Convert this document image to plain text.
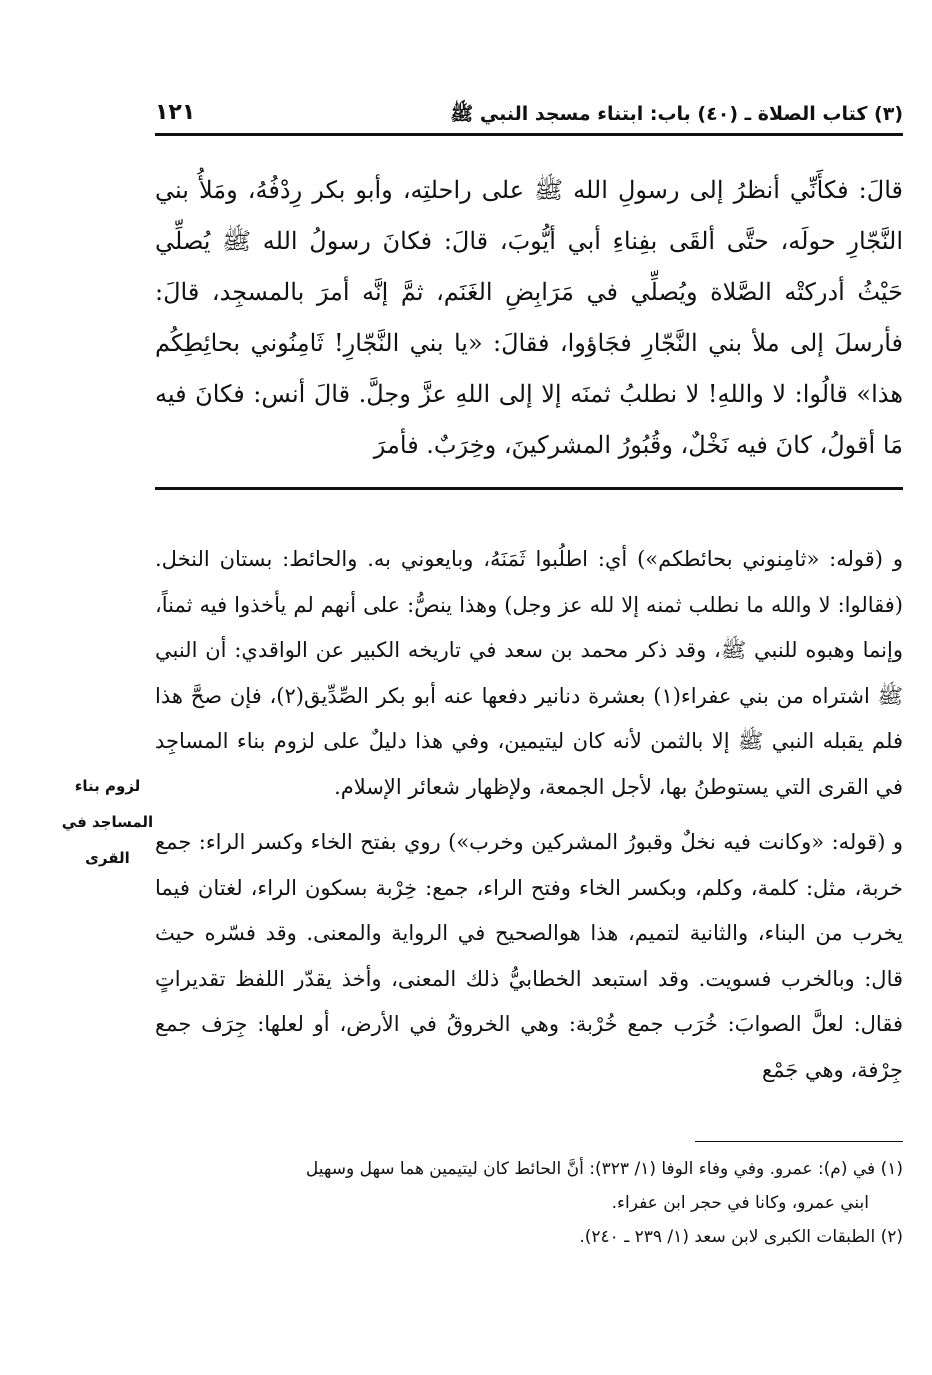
(٣) كتاب الصلاة ـ (٤٠) باب: ابتناء مسجد النبي ﷺ
١٢١

قالَ: فكأَنِّي أنظرُ إلى رسولِ الله ﷺ على راحلتِه، وأبو بكر رِدْفُهُ، ومَلأُ بني النَّجّارِ حولَه، حتَّى ألقَى بفِناءِ أبي أيُّوبَ، قالَ: فكانَ رسولُ الله ﷺ يُصلِّي حَيْثُ أدركتْه الصَّلاة ويُصلِّي في مَرَابِضِ الغَنَم، ثمَّ إنَّه أمرَ بالمسجِد، قالَ: فأرسلَ إلى ملأ بني النَّجّارِ فجَاؤوا، فقالَ: «يا بني النَّجّارِ! ثَامِنُوني بحائِطِكُم هذا» قالُوا: لا واللهِ! لا نطلبُ ثمنَه إلا إلى اللهِ عزَّ وجلَّ. قالَ أنس: فكانَ فيه مَا أقولُ، كانَ فيه نَخْلٌ، وقُبُورُ المشركينَ، وخِرَبٌ. فأمرَ

و (قوله: «ثامِنوني بحائطكم») أي: اطلُبوا ثَمَنَهُ، وبايعوني به. والحائط: بستان النخل. (فقالوا: لا والله ما نطلب ثمنه إلا لله عز وجل) وهذا ينصُّ: على أنهم لم يأخذوا فيه ثمناً، وإنما وهبوه للنبي ﷺ، وقد ذكر محمد بن سعد في تاريخه الكبير عن الواقدي: أن النبي ﷺ اشتراه من بني عفراء(١) بعشرة دنانير دفعها عنه أبو بكر الصِّدِّيق(٢)، فإن صحَّ هذا فلم يقبله النبي ﷺ إلا بالثمن لأنه كان ليتيمين، وفي هذا دليلٌ على لزوم بناء المساجِد في القرى التي يستوطنُ بها، لأجل الجمعة، ولإظهار شعائر الإسلام.

و (قوله: «وكانت فيه نخلٌ وقبورُ المشركين وخرب») روي بفتح الخاء وكسر الراء: جمع خربة، مثل: كلمة، وكلم، وبكسر الخاء وفتح الراء، جمع: خِرْبة بسكون الراء، لغتان فيما يخرب من البناء، والثانية لتميم، هذا هوالصحيح في الرواية والمعنى. وقد فسّره حيث قال: وبالخرب فسويت. وقد استبعد الخطابيُّ ذلك المعنى، وأخذ يقدّر اللفظ تقديراتٍ فقال: لعلَّ الصوابَ: خُرَب جمع خُرْبة: وهي الخروقُ في الأرض، أو لعلها: جِرَف جمع جِرْفة، وهي جَمْع

لزوم بناء المساجد في القرى

(١) في (م): عمرو. وفي وفاء الوفا (١/ ٣٢٣): أنَّ الحائط كان ليتيمين هما سهل وسهيل
ابني عمرو، وكانا في حجر ابن عفراء.

(٢) الطبقات الكبرى لابن سعد (١/ ٢٣٩ ـ ٢٤٠).
